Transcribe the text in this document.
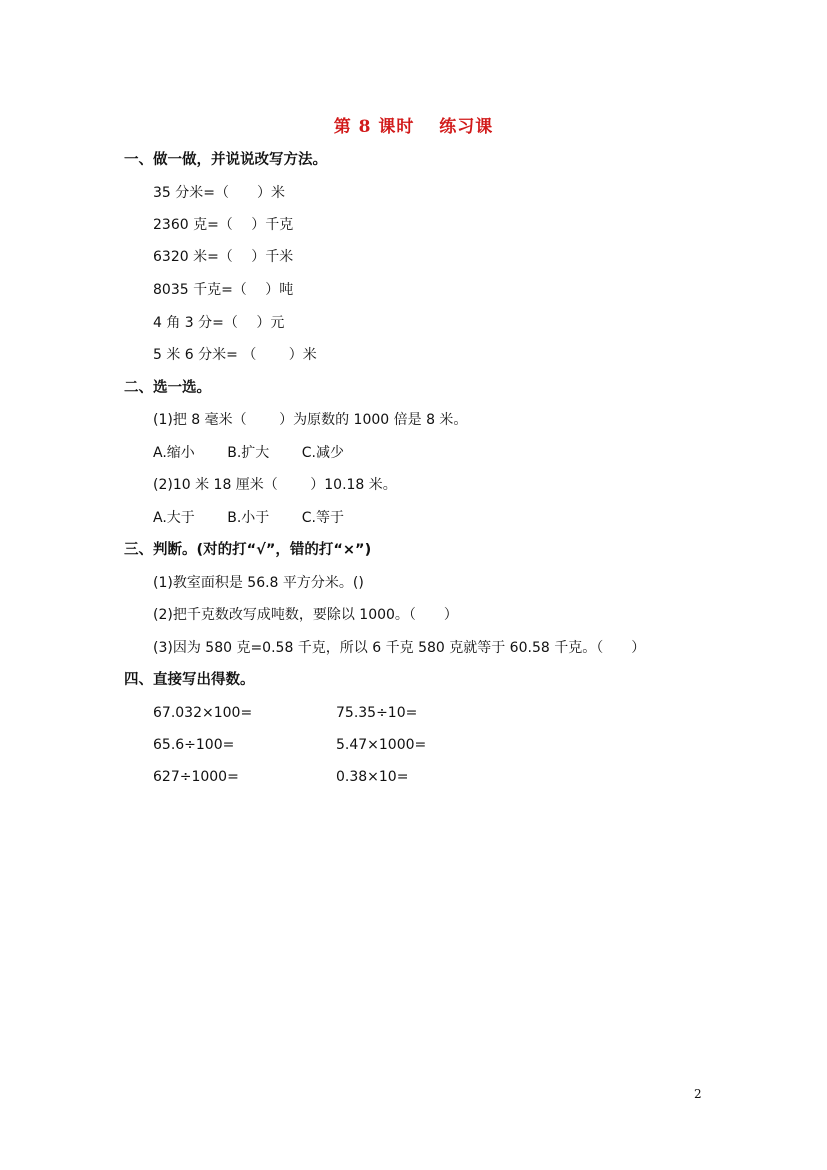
第 8 课时　 练习课
一、做一做，并说说改写方法。
35 分米=（　　）米
2360 克=（　 ）千克
6320 米=（　 ）千米
8035 千克=（　 ）吨
4 角 3 分=（　 ）元
5 米 6 分米= （　　 ）米
二、选一选。
(1)把 8 毫米（　　 ）为原数的 1000 倍是 8 米。
A.缩小　　 B.扩大　　 C.减少
(2)10 米 18 厘米（　　 ）10.18 米。
A.大于　　 B.小于　　 C.等于
三、判断。(对的打“√”，错的打“×”)
(1)教室面积是 56.8 平方分米。()
(2)把千克数改写成吨数，要除以 1000。（　　）
(3)因为 580 克=0.58 千克，所以 6 千克 580 克就等于 60.58 千克。（　　）
四、直接写出得数。
67.032×100=	75.35÷10=
65.6÷100=	5.47×1000=
627÷1000=	0.38×10=
2
